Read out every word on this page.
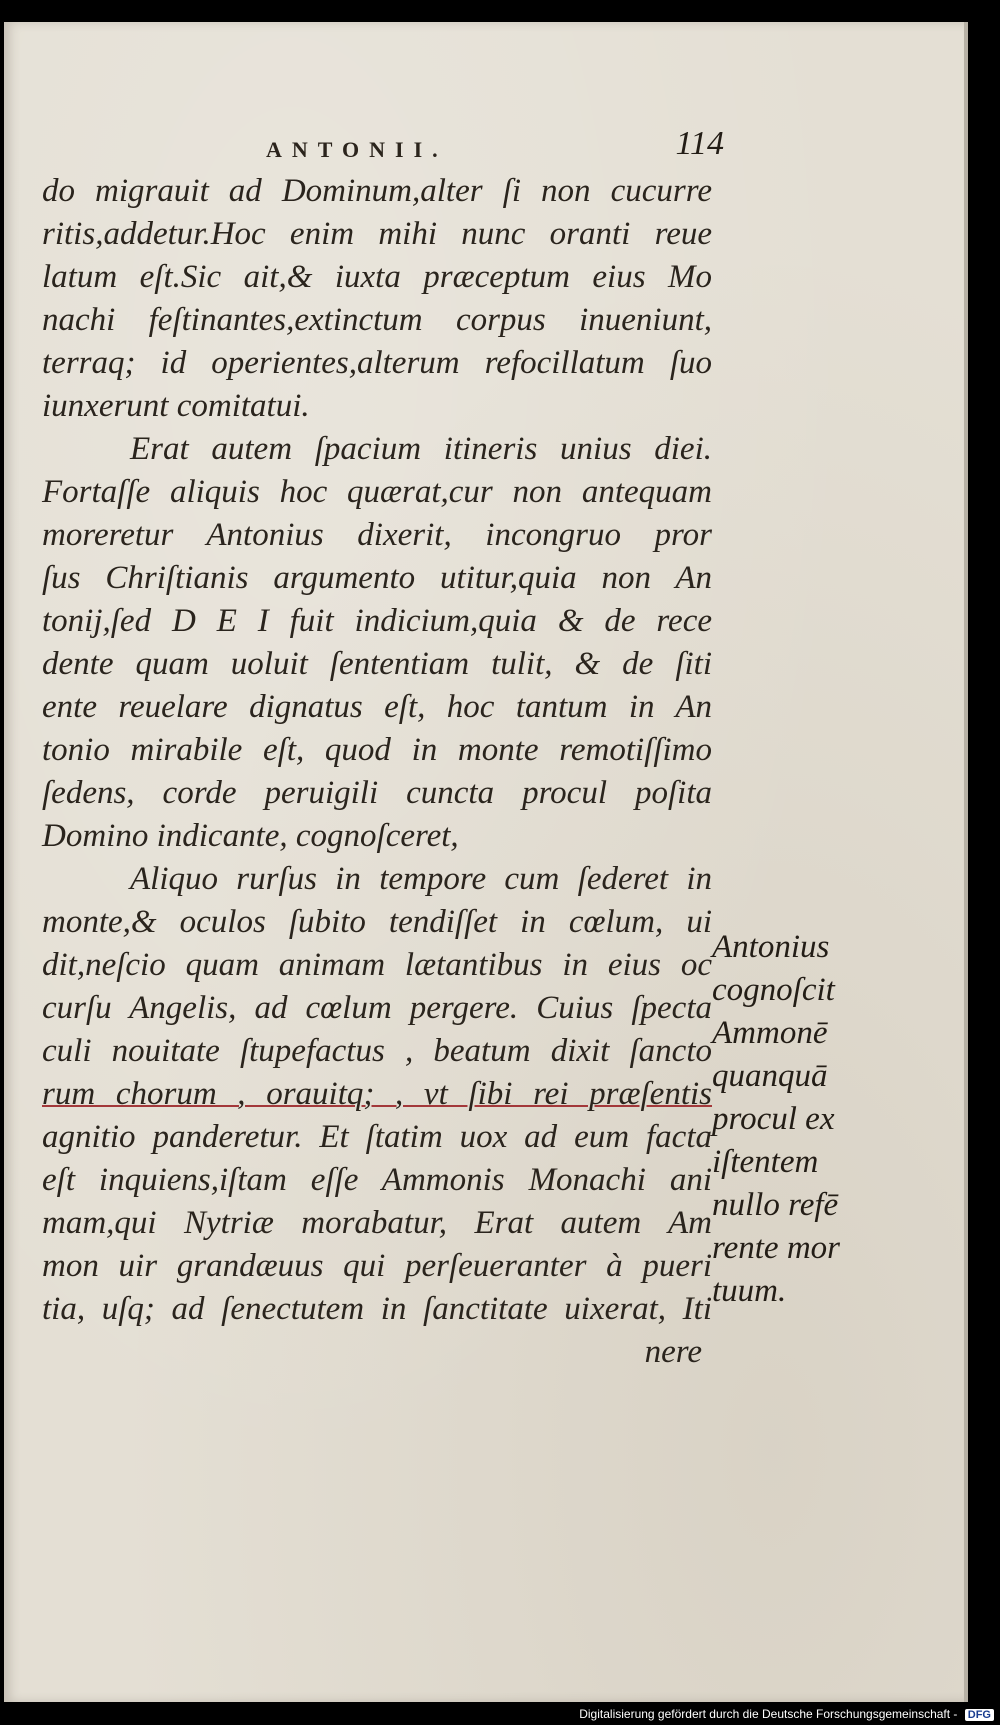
ANTONII.	114
do migrauit ad Dominum,alter ſi non cucurre
ritis,addetur.Hoc enim mihi nunc oranti reue
latum eſt.Sic ait,& iuxta præceptum eius Mo
nachi feſtinantes,extinctum corpus inueniunt,
terraq; id operientes,alterum refocillatum ſuo
iunxerunt comitatui.
Erat autem ſpacium itineris unius diei.
Fortaſſe aliquis hoc quærat,cur non antequam
moreretur Antonius dixerit, incongruo pror
ſus Chriſtianis argumento utitur,quia non An
tonij,ſed D E I fuit indicium,quia & de rece
dente quam uoluit ſententiam tulit, & de ſiti
ente reuelare dignatus eſt, hoc tantum in An
tonio mirabile eſt, quod in monte remotiſſimo
ſedens, corde peruigili cuncta procul poſita
Domino indicante, cognoſceret,
Aliquo rurſus in tempore cum ſederet in
monte,& oculos ſubito tendiſſet in cœlum, ui
dit,neſcio quam animam lætantibus in eius oc
curſu Angelis, ad cœlum pergere. Cuius ſpecta
culi nouitate ſtupefactus , beatum dixit ſancto
rum chorum , orauitq; , vt ſibi rei præſentis
agnitio panderetur. Et ſtatim uox ad eum facta
eſt inquiens,iſtam eſſe Ammonis Monachi ani
mam,qui Nytriæ morabatur, Erat autem Am
mon uir grandæuus qui perſeueranter à pueri
tia, uſq; ad ſenectutem in ſanctitate uixerat, Iti
nere
Antonius
cognoſcit
Ammonē
quanquā
procul ex
iſtentem
nullo refē
rente mor
tuum.
Digitalisierung gefördert durch die Deutsche Forschungsgemeinschaft - DFG
